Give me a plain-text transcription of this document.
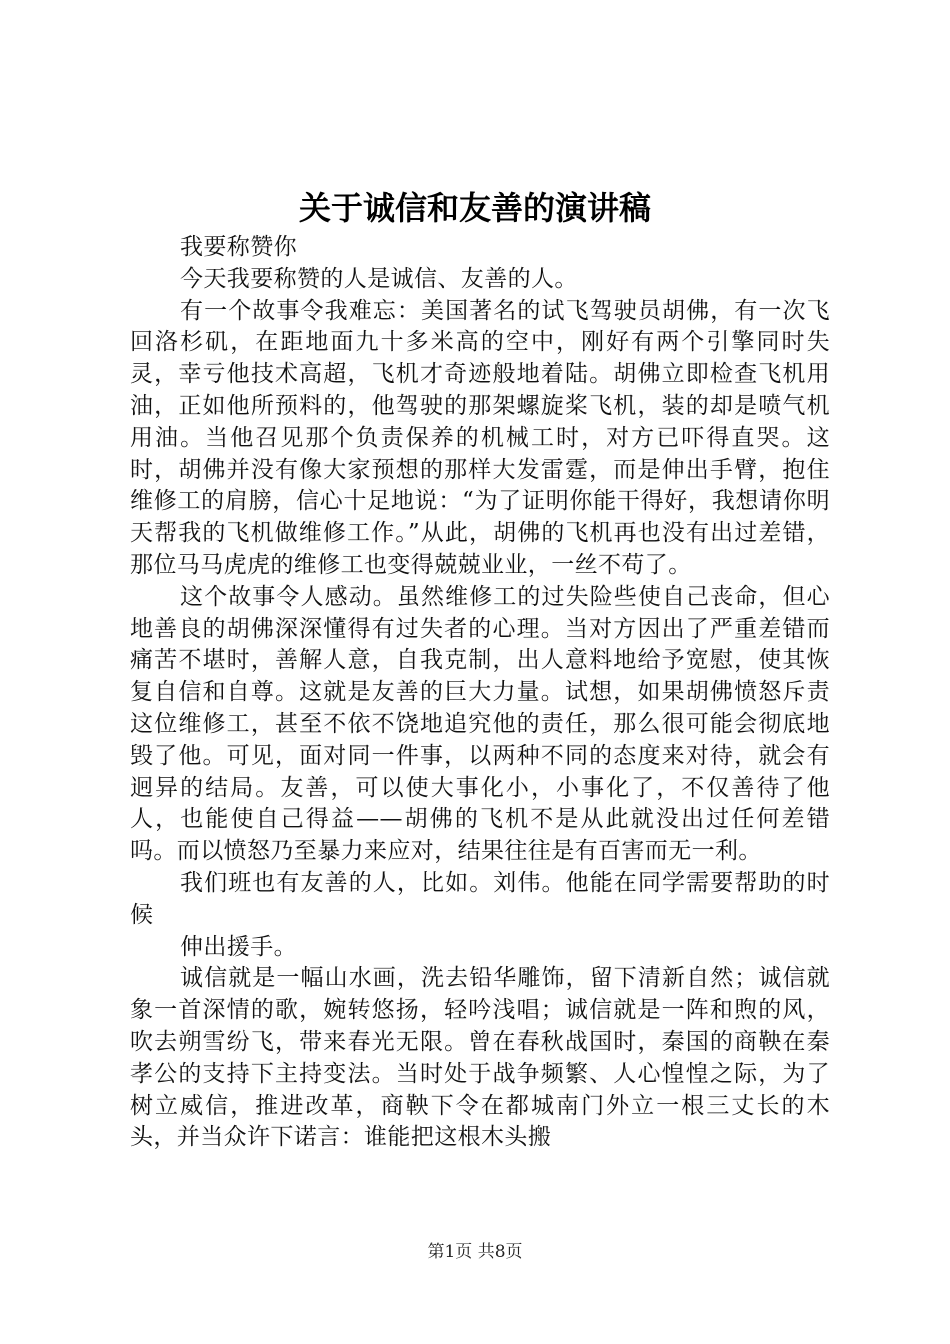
关于诚信和友善的演讲稿

我要称赞你

今天我要称赞的人是诚信、友善的人。

有一个故事令我难忘：美国著名的试飞驾驶员胡佛，有一次飞回洛杉矶，在距地面九十多米高的空中，刚好有两个引擎同时失灵，幸亏他技术高超，飞机才奇迹般地着陆。胡佛立即检查飞机用油，正如他所预料的，他驾驶的那架螺旋桨飞机，装的却是喷气机用油。当他召见那个负责保养的机械工时，对方已吓得直哭。这时，胡佛并没有像大家预想的那样大发雷霆，而是伸出手臂，抱住维修工的肩膀，信心十足地说：“为了证明你能干得好，我想请你明天帮我的飞机做维修工作。”从此，胡佛的飞机再也没有出过差错，那位马马虎虎的维修工也变得兢兢业业，一丝不苟了。

这个故事令人感动。虽然维修工的过失险些使自己丧命，但心地善良的胡佛深深懂得有过失者的心理。当对方因出了严重差错而痛苦不堪时，善解人意，自我克制，出人意料地给予宽慰，使其恢复自信和自尊。这就是友善的巨大力量。试想，如果胡佛愤怒斥责这位维修工，甚至不依不饶地追究他的责任，那么很可能会彻底地毁了他。可见，面对同一件事，以两种不同的态度来对待，就会有迥异的结局。友善，可以使大事化小，小事化了，不仅善待了他人，也能使自己得益——胡佛的飞机不是从此就没出过任何差错吗。而以愤怒乃至暴力来应对，结果往往是有百害而无一利。

我们班也有友善的人，比如。刘伟。他能在同学需要帮助的时候

伸出援手。

诚信就是一幅山水画，洗去铅华雕饰，留下清新自然；诚信就象一首深情的歌，婉转悠扬，轻吟浅唱；诚信就是一阵和煦的风，吹去朔雪纷飞，带来春光无限。曾在春秋战国时，秦国的商鞅在秦孝公的支持下主持变法。当时处于战争频繁、人心惶惶之际，为了树立威信，推进改革，商鞅下令在都城南门外立一根三丈长的木头，并当众许下诺言：谁能把这根木头搬

第1页 共8页
